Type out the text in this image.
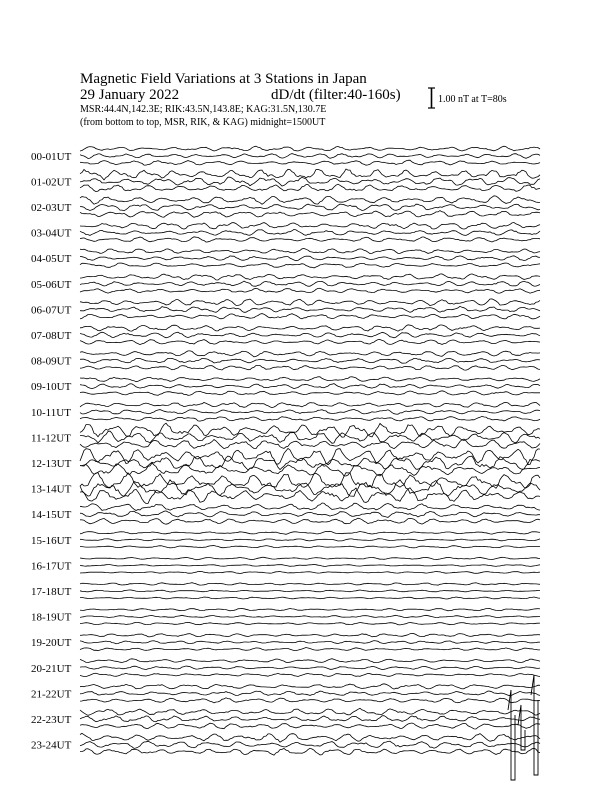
Magnetic Field Variations at 3 Stations in Japan
29 January 2022	dD/dt (filter:40-160s)
MSR:44.4N,142.3E; RIK:43.5N,143.8E; KAG:31.5N,130.7E
(from bottom to top, MSR, RIK, & KAG) midnight=1500UT
1.00 nT at T=80s
00-01UT
01-02UT
02-03UT
03-04UT
04-05UT
05-06UT
06-07UT
07-08UT
08-09UT
09-10UT
10-11UT
11-12UT
12-13UT
13-14UT
14-15UT
15-16UT
16-17UT
17-18UT
18-19UT
19-20UT
20-21UT
21-22UT
22-23UT
23-24UT
